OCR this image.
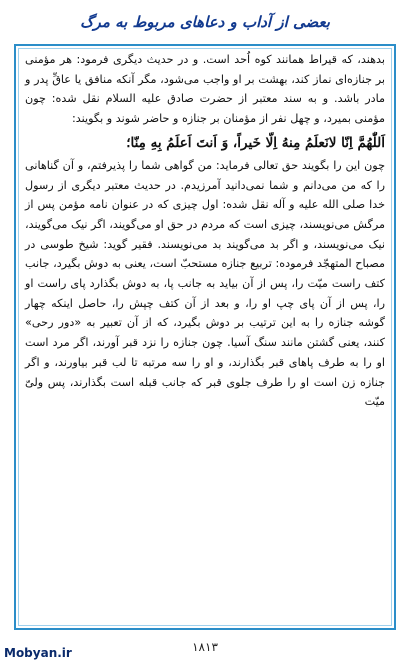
بعضی از آداب و دعاهای مربوط به مرگ

بدهند، که قیراط همانند کوه اُحد است. و در حدیث دیگری فرمود: هر مؤمنی بر جنازه‌ای نماز کند، بهشت بر او واجب می‌شود، مگر آنکه منافق یا عاقِّ پدر و مادر باشد. و به سند معتبر از حضرت صادق علیه السلام نقل شده: چون مؤمنی بمیرد، و چهل نفر از مؤمنان بر جنازه و حاضر شوند و بگویند:

اَللّٰهُمَّ اِنّا لانَعلَمُ مِنهُ اِلّا خَيراً، وَ اَنتَ اَعلَمُ بِهِ مِنّا؛

چون این را بگویند حق تعالی فرماید: من گواهی شما را پذیرفتم، و آن گناهانی را که من می‌دانم و شما نمی‌دانید آمرزیدم. در حدیث معتبر دیگری از رسول خدا صلی الله علیه و آله نقل شده: اول چیزی که در عنوان نامه مؤمن پس از مرگش می‌نویسند، چیزی است که مردم در حق او می‌گویند، اگر نیک می‌گویند، نیک می‌نویسند، و اگر بد می‌گویند بد می‌نویسند. فقیر گوید: شیخ طوسی در مصباح المتهجّد فرموده: تربیع جنازه مستحبّ است، یعنی به دوش بگیرد، جانب کتف راست میّت را، پس از آن بیاید به جانب پا، به دوش بگذارد پای راست او را، پس از آن پای چپ او را، و بعد از آن کتف چپش را، حاصل اینکه چهار گوشه جنازه را به این ترتیب بر دوش بگیرد، که از آن تعبیر به «دور رحی» کنند، یعنی گشتن مانند سنگ آسیا. چون جنازه را نزد قبر آورند، اگر مرد است او را به طرف پاهای قبر بگذارند، و او را سه مرتبه تا لب قبر بیاورند، و اگر جنازه زن است او را طرف جلوی قبر که جانب قبله است بگذارند، پس ولیّ میّت

Mobyan.ir	۱۸۱۳
